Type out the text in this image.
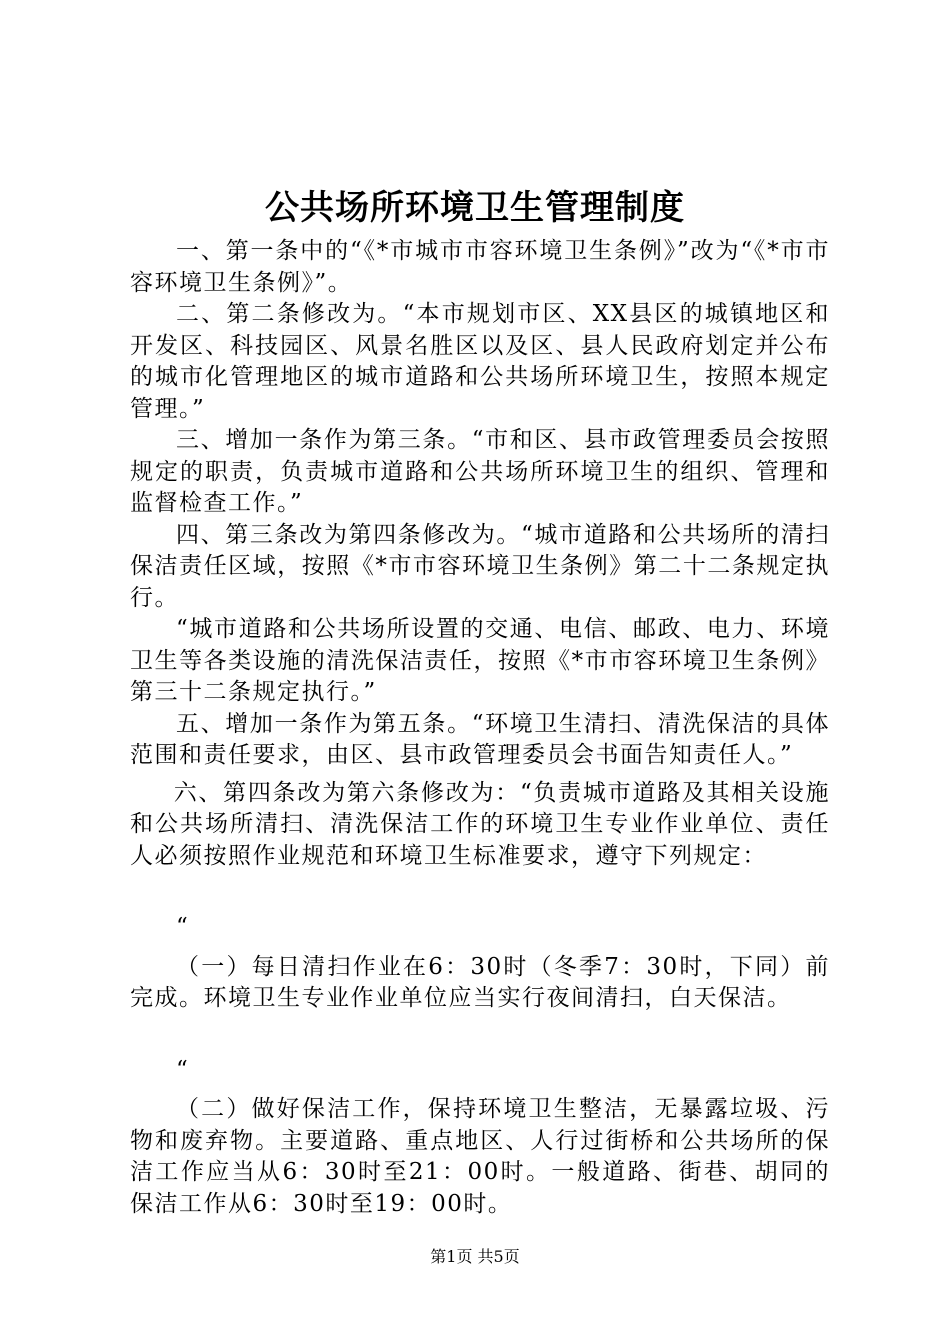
公共场所环境卫生管理制度

一、第一条中的“《*市城市市容环境卫生条例》”改为“《*市市容环境卫生条例》”。

二、第二条修改为。“本市规划市区、XX县区的城镇地区和开发区、科技园区、风景名胜区以及区、县人民政府划定并公布的城市化管理地区的城市道路和公共场所环境卫生，按照本规定管理。”

三、增加一条作为第三条。“市和区、县市政管理委员会按照规定的职责，负责城市道路和公共场所环境卫生的组织、管理和监督检查工作。”

四、第三条改为第四条修改为。“城市道路和公共场所的清扫保洁责任区域，按照《*市市容环境卫生条例》第二十二条规定执行。

“城市道路和公共场所设置的交通、电信、邮政、电力、环境卫生等各类设施的清洗保洁责任，按照《*市市容环境卫生条例》第三十二条规定执行。”

五、增加一条作为第五条。“环境卫生清扫、清洗保洁的具体范围和责任要求，由区、县市政管理委员会书面告知责任人。”

六、第四条改为第六条修改为：“负责城市道路及其相关设施和公共场所清扫、清洗保洁工作的环境卫生专业作业单位、责任人必须按照作业规范和环境卫生标准要求，遵守下列规定：

“

（一）每日清扫作业在6：30时（冬季7：30时，下同）前完成。环境卫生专业作业单位应当实行夜间清扫，白天保洁。

“

（二）做好保洁工作，保持环境卫生整洁，无暴露垃圾、污物和废弃物。主要道路、重点地区、人行过街桥和公共场所的保洁工作应当从6：30时至21：00时。一般道路、街巷、胡同的保洁工作从6：30时至19：00时。

第1页 共5页
